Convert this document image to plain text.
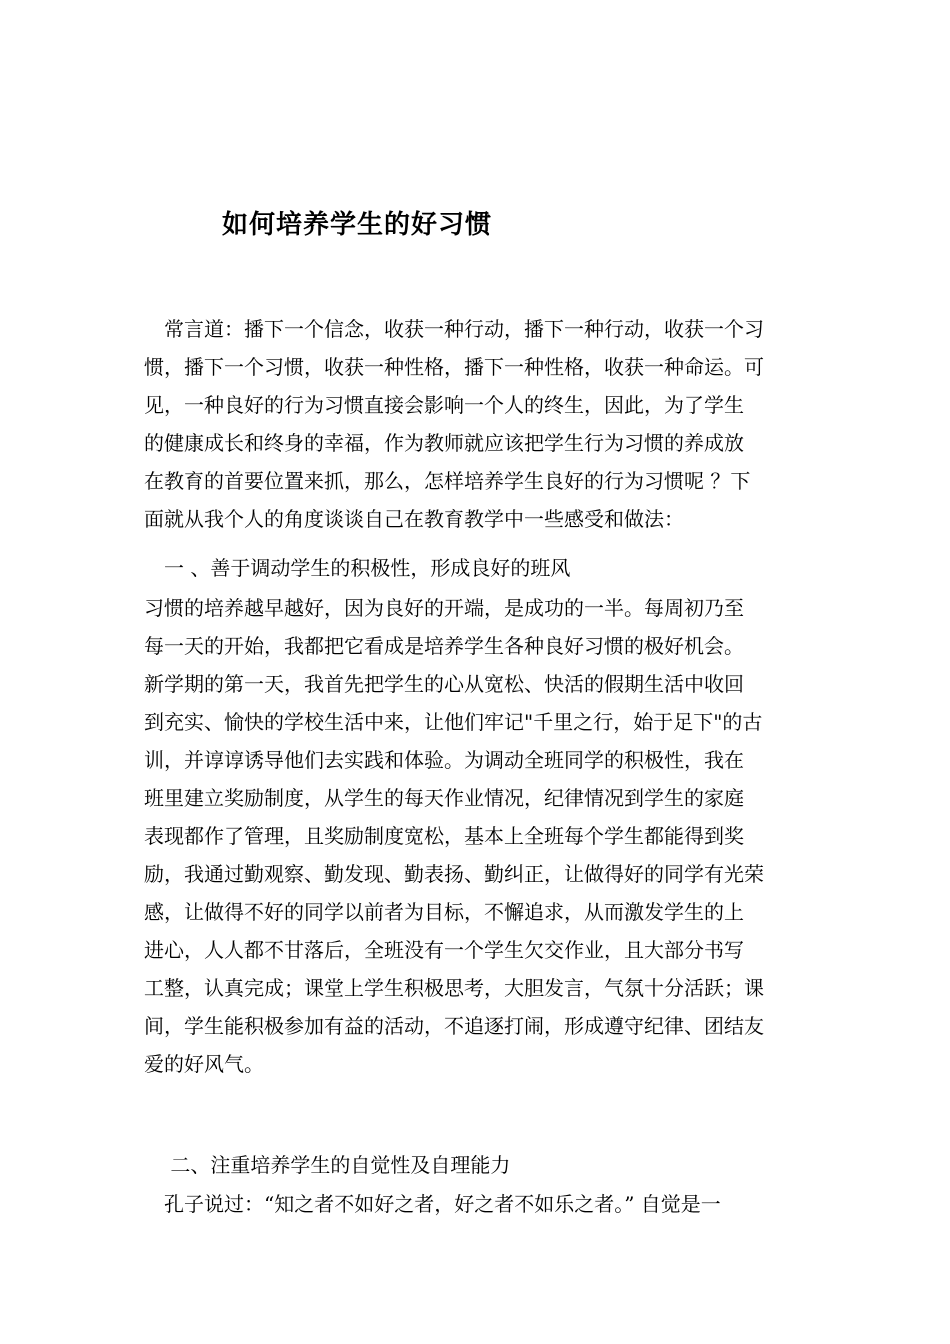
如何培养学生的好习惯
　常言道：播下一个信念，收获一种行动，播下一种行动，收获一个习
惯，播下一个习惯，收获一种性格，播下一种性格，收获一种命运。可
见，一种良好的行为习惯直接会影响一个人的终生，因此，为了学生
的健康成长和终身的幸福，作为教师就应该把学生行为习惯的养成放
在教育的首要位置来抓，那么，怎样培养学生良好的行为习惯呢 ？下
面就从我个人的角度谈谈自己在教育教学中一些感受和做法：
　一 、善于调动学生的积极性，形成良好的班风
习惯的培养越早越好，因为良好的开端，是成功的一半。每周初乃至
每一天的开始，我都把它看成是培养学生各种良好习惯的极好机会。
新学期的第一天，我首先把学生的心从宽松、快活的假期生活中收回
到充实、愉快的学校生活中来，让他们牢记"千里之行，始于足下"的古
训，并谆谆诱导他们去实践和体验。为调动全班同学的积极性，我在
班里建立奖励制度，从学生的每天作业情况，纪律情况到学生的家庭
表现都作了管理，且奖励制度宽松，基本上全班每个学生都能得到奖
励，我通过勤观察、勤发现、勤表扬、勤纠正，让做得好的同学有光荣
感，让做得不好的同学以前者为目标，不懈追求，从而激发学生的上
进心，人人都不甘落后，全班没有一个学生欠交作业，且大部分书写
工整，认真完成；课堂上学生积极思考，大胆发言，气氛十分活跃；课
间，学生能积极参加有益的活动，不追逐打闹，形成遵守纪律、团结友
爱的好风气。
　 二、注重培养学生的自觉性及自理能力
　孔子说过：“知之者不如好之者，好之者不如乐之者。” 自觉是一
